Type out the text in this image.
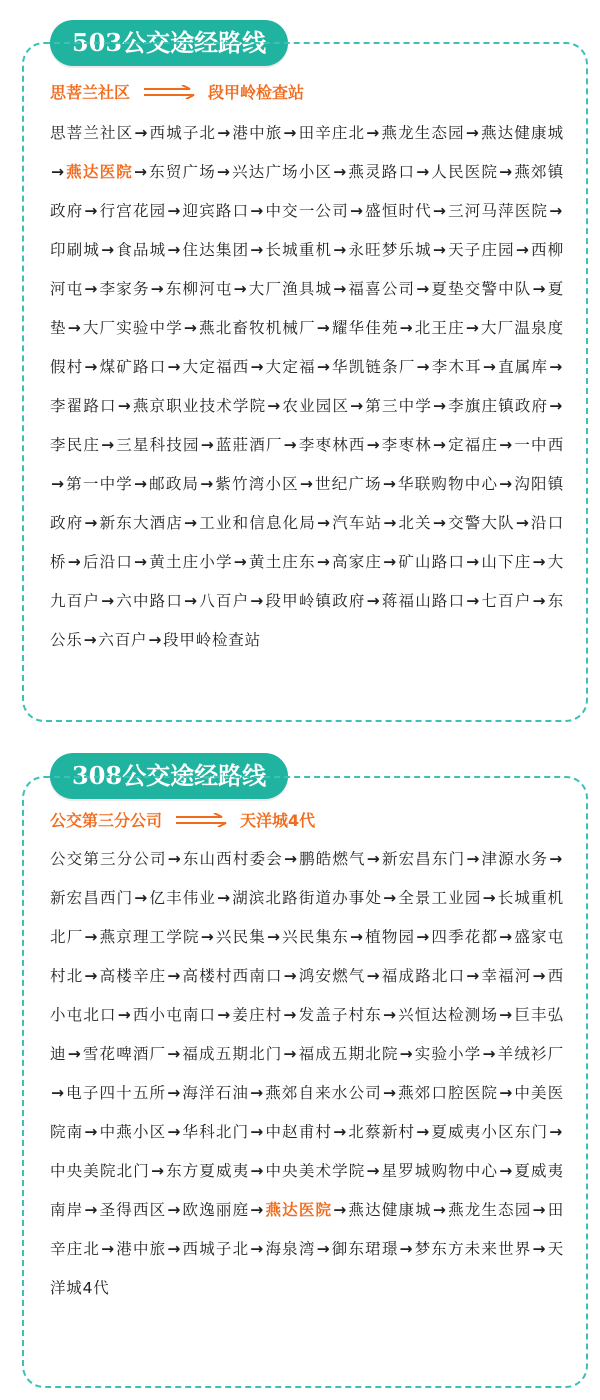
503公交途经路线
思菩兰社区	段甲岭检查站
思菩兰社区→西城子北→港中旅→田辛庄北→燕龙生态园→燕达健康城→燕达医院→东贸广场→兴达广场小区→燕灵路口→人民医院→燕郊镇政府→行宫花园→迎宾路口→中交一公司→盛恒时代→三河马萍医院→印刷城→食品城→住达集团→长城重机→永旺梦乐城→天子庄园→西柳河屯→李家务→东柳河屯→大厂渔具城→福喜公司→夏垫交警中队→夏垫→大厂实验中学→燕北畜牧机械厂→耀华佳苑→北王庄→大厂温泉度假村→煤矿路口→大定福西→大定福→华凯链条厂→李木耳→直属库→李翟路口→燕京职业技术学院→农业园区→第三中学→李旗庄镇政府→李民庄→三星科技园→蓝莊酒厂→李枣林西→李枣林→定福庄→一中西→第一中学→邮政局→紫竹湾小区→世纪广场→华联购物中心→沟阳镇政府→新东大酒店→工业和信息化局→汽车站→北关→交警大队→沿口桥→后沿口→黄土庄小学→黄土庄东→高家庄→矿山路口→山下庄→大九百户→六中路口→八百户→段甲岭镇政府→蒋福山路口→七百户→东公乐→六百户→段甲岭检查站
308公交途经路线
公交第三分公司	天洋城4代
公交第三分公司→东山西村委会→鹏皓燃气→新宏昌东门→津源水务→新宏昌西门→亿丰伟业→湖滨北路街道办事处→全景工业园→长城重机北厂→燕京理工学院→兴民集→兴民集东→植物园→四季花都→盛家屯村北→高楼辛庄→高楼村西南口→鸿安燃气→福成路北口→幸福河→西小屯北口→西小屯南口→姜庄村→发盖子村东→兴恒达检测场→巨丰弘迪→雪花啤酒厂→福成五期北门→福成五期北院→实验小学→羊绒衫厂→电子四十五所→海洋石油→燕郊自来水公司→燕郊口腔医院→中美医院南→中燕小区→华科北门→中赵甫村→北蔡新村→夏威夷小区东门→中央美院北门→东方夏威夷→中央美术学院→星罗城购物中心→夏威夷南岸→圣得西区→欧逸丽庭→燕达医院→燕达健康城→燕龙生态园→田辛庄北→港中旅→西城子北→海泉湾→御东珺璟→梦东方未来世界→天洋城4代
